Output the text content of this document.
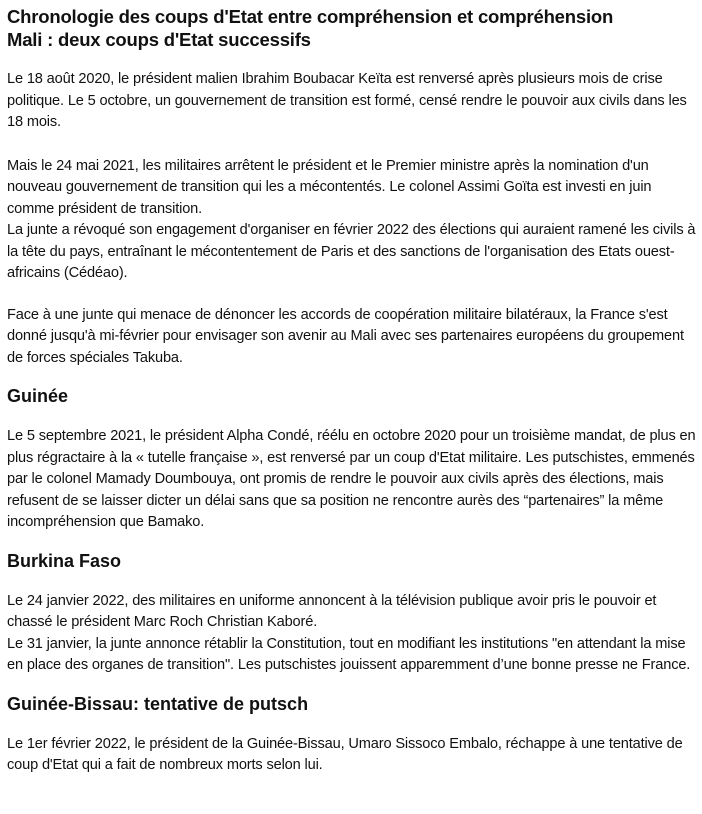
Chronologie des coups d'Etat entre compréhension et compréhension
Mali : deux coups d'Etat successifs

Le 18 août 2020, le président malien Ibrahim Boubacar Keïta est renversé après plusieurs mois de crise politique. Le 5 octobre, un gouvernement de transition est formé, censé rendre le pouvoir aux civils dans les 18 mois.

Mais le 24 mai 2021, les militaires arrêtent le président et le Premier ministre après la nomination d'un nouveau gouvernement de transition qui les a mécontentés. Le colonel Assimi Goïta est investi en juin comme président de transition.

La junte a révoqué son engagement d'organiser en février 2022 des élections qui auraient ramené les civils à la tête du pays, entraînant le mécontentement de Paris et des sanctions de l'organisation des Etats ouest-africains (Cédéao).

Face à une junte qui menace de dénoncer les accords de coopération militaire bilatéraux, la France s'est donné jusqu'à mi-février pour envisager son avenir au Mali avec ses partenaires européens du groupement de forces spéciales Takuba.

Guinée

Le 5 septembre 2021, le président Alpha Condé, réélu en octobre 2020 pour un troisième mandat, de plus en plus régractaire à la « tutelle française », est renversé par un coup d'Etat militaire. Les putschistes, emmenés par le colonel Mamady Doumbouya, ont promis de rendre le pouvoir aux civils après des élections, mais refusent de se laisser dicter un délai sans que sa position ne rencontre aurès des “partenaires” la même incompréhension que Bamako.

Burkina Faso

Le 24 janvier 2022, des militaires en uniforme annoncent à la télévision publique avoir pris le pouvoir et chassé le président Marc Roch Christian Kaboré.

Le 31 janvier, la junte annonce rétablir la Constitution, tout en modifiant les institutions "en attendant la mise en place des organes de transition". Les putschistes jouissent apparemment d’une bonne presse ne France.

Guinée-Bissau: tentative de putsch

Le 1er février 2022, le président de la Guinée-Bissau, Umaro Sissoco Embalo, réchappe à une tentative de coup d'Etat qui a fait de nombreux morts selon lui.
